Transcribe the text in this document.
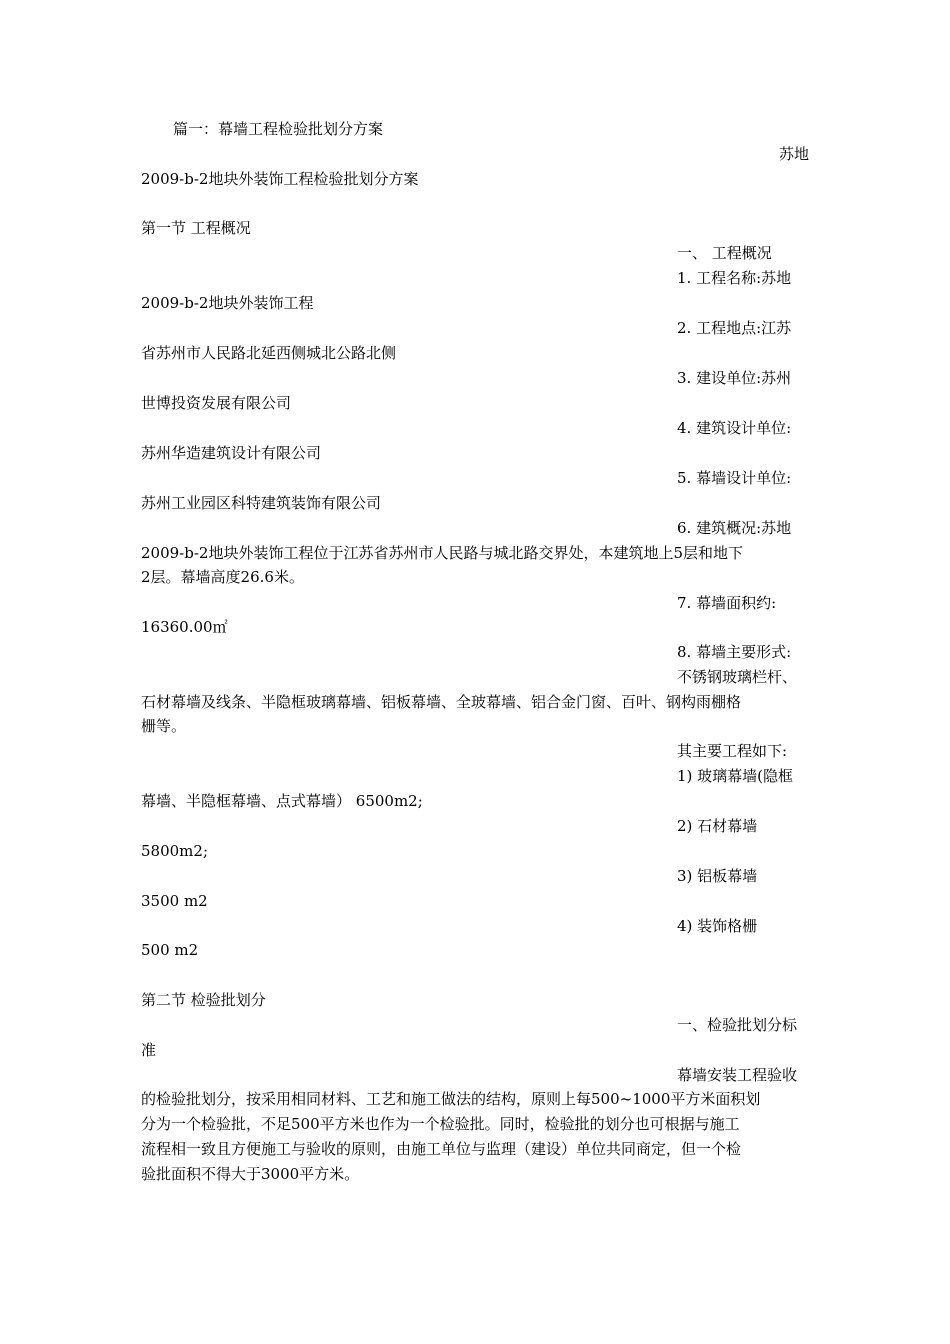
篇一：幕墙工程检验批划分方案
苏地
2009-b-2地块外装饰工程检验批划分方案
第一节 工程概况
一、 工程概况
1. 工程名称:苏地
2009-b-2地块外装饰工程
2. 工程地点:江苏
省苏州市人民路北延西侧城北公路北侧
3. 建设单位:苏州
世博投资发展有限公司
4. 建筑设计单位:
苏州华造建筑设计有限公司
5. 幕墙设计单位:
苏州工业园区科特建筑装饰有限公司
6. 建筑概况:苏地
2009-b-2地块外装饰工程位于江苏省苏州市人民路与城北路交界处，本建筑地上5层和地下
2层。幕墙高度26.6米。
7. 幕墙面积约:
16360.00㎡
8. 幕墙主要形式:
不锈钢玻璃栏杆、
石材幕墙及线条、半隐框玻璃幕墙、铝板幕墙、全玻幕墙、铝合金门窗、百叶、钢构雨棚格
栅等。
其主要工程如下:
1) 玻璃幕墙(隐框
幕墙、半隐框幕墙、点式幕墙） 6500m2;
2) 石材幕墙
5800m2;
3) 铝板幕墙
3500 m2
4) 装饰格栅
500 m2
第二节 检验批划分
一、检验批划分标
准
幕墙安装工程验收
的检验批划分，按采用相同材料、工艺和施工做法的结构，原则上每500~1000平方米面积划
分为一个检验批，不足500平方米也作为一个检验批。同时，检验批的划分也可根据与施工
流程相一致且方便施工与验收的原则，由施工单位与监理（建设）单位共同商定，但一个检
验批面积不得大于3000平方米。
